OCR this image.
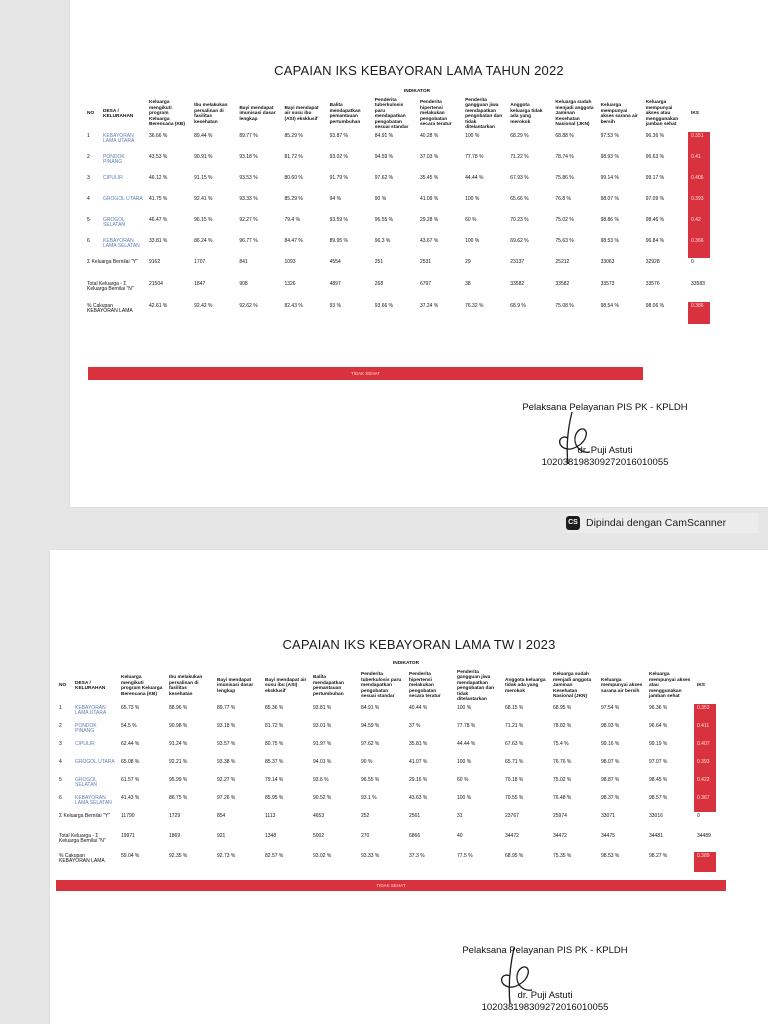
CAPAIAN IKS KEBAYORAN LAMA TAHUN 2022
		INDIKATOR												
NO	DESA / KELURAHAN	Keluarga mengikuti program Keluarga Berencana (KB)	Ibu melakukan persalinan di fasilitas kesehatan	Bayi mendapat imunisasi dasar lengkap	Bayi mendapat air susu ibu (ASI) eksklusif	Balita mendapatkan pemantauan pertumbuhan	Penderita tuberkulosis paru mendapatkan pengobatan sesuai standar	Penderita hipertensi melakukan pengobatan secara teratur	Penderita gangguan jiwa mendapatkan pengobatan dan tidak ditelantarkan	Anggota keluarga tidak ada yang merokok	Keluarga sudah menjadi anggota Jaminan Kesehatan Nasional (JKN)	Keluarga mempunyai akses sarana air bersih	Keluarga mempunyai akses atau menggunakan jamban sehat	IKS
1	KEBAYORAN LAMA UTARA	36.66 %	89.44 %	89.77 %	85.29 %	93.87 %	84.91 %	40.28 %	100 %	68.29 %	68.88 %	97.53 %	96.36 %	0.351
2	PONDOK PINANG	43.53 %	90.91 %	93.18 %	81.72 %	93.02 %	94.59 %	37.03 %	77.78 %	71.22 %	78.74 %	98.93 %	96.63 %	0.41
3	CIPULIR	46.12 %	91.15 %	93.53 %	80.60 %	91.79 %	97.62 %	35.45 %	44.44 %	67.93 %	75.86 %	99.14 %	99.17 %	0.406
4	GROGOL UTARA	41.75 %	92.41 %	93.33 %	85.29 %	94 %	90 %	41.09 %	100 %	65.66 %	76.8 %	98.07 %	97.09 %	0.393
5	GROGOL SELATAN	46.47 %	96.15 %	92.27 %	79.4 %	93.59 %	96.55 %	29.28 %	60 %	70.23 %	75.02 %	98.86 %	98.46 %	0.42
6	KEBAYORAN LAMA SELATAN	33.81 %	86.24 %	96.77 %	84.47 %	89.95 %	96.3 %	43.67 %	100 %	69.62 %	75.63 %	98.53 %	96.84 %	0.366
Σ Keluarga Bernilai "Y"		9162	1707	841	1093	4554	251	2531	29	23137	25212	33063	32928	0
Total Keluarga - Σ Keluarga Bernilai "N"		21504	1847	908	1326	4897	268	6797	38	33582	33582	33573	33576	33583
% Cakupan KEBAYORAN LAMA		42.61 %	92.42 %	92.62 %	82.43 %	93 %	93.66 %	37.24 %	76.32 %	68.9 %	75.08 %	98.54 %	98.06 %	0.386
TIDAK SEHAT
Pelaksana Pelayanan PIS PK - KPLDH
dr. Puji Astuti
102038198309272016010055
CS Dipindai dengan CamScanner
CAPAIAN IKS KEBAYORAN LAMA TW I 2023
		INDIKATOR												
NO	DESA / KELURAHAN	Keluarga mengikuti program Keluarga Berencana (KB)	Ibu melakukan persalinan di fasilitas kesehatan	Bayi mendapat imunisasi dasar lengkap	Bayi mendapat air susu ibu (ASI) eksklusif	Balita mendapatkan pemantauan pertumbuhan	Penderita tuberkulosis paru mendapatkan pengobatan sesuai standar	Penderita hipertensi melakukan pengobatan secara teratur	Penderita gangguan jiwa mendapatkan pengobatan dan tidak ditelantarkan	Anggota keluarga tidak ada yang merokok	Keluarga sudah menjadi anggota Jaminan Kesehatan Nasional (JKN)	Keluarga mempunyai akses sarana air bersih	Keluarga mempunyai akses atau menggunakan jamban sehat	IKS
1	KEBAYORAN LAMA UTARA	65.73 %	88.96 %	89.77 %	85.36 %	93.81 %	84.91 %	40.44 %	100 %	68.15 %	68.95 %	97.54 %	96.36 %	0.353
2	PONDOK PINANG	54.5 %	90.98 %	93.18 %	81.72 %	93.01 %	94.59 %	37 %	77.78 %	71.21 %	78.82 %	98.93 %	96.64 %	0.411
3	CIPULIR	62.44 %	91.24 %	93.57 %	80.75 %	91.97 %	97.62 %	35.81 %	44.44 %	67.63 %	75.4 %	99.16 %	99.19 %	0.407
4	GROGOL UTARA	65.08 %	92.21 %	93.38 %	85.37 %	94.01 %	90 %	41.07 %	100 %	65.71 %	76.76 %	98.07 %	97.07 %	0.393
5	GROGOL SELATAN	61.57 %	95.99 %	92.27 %	79.14 %	93.6 %	96.55 %	29.16 %	60 %	70.18 %	75.02 %	98.87 %	98.45 %	0.422
6	KEBAYORAN LAMA SELATAN	41.43 %	86.75 %	97.26 %	85.95 %	90.52 %	93.1 %	43.63 %	100 %	70.55 %	76.48 %	98.37 %	98.57 %	0.367
Σ Keluarga Bernilai "Y"		11790	1729	854	1113	4653	252	2561	31	23767	25974	33071	33016	0
Total Keluarga - Σ Keluarga Bernilai "N"		19971	1869	921	1348	5002	270	6866	40	34472	34472	34475	34481	34489
% Cakupan KEBAYORAN LAMA		59.04 %	92.35 %	92.73 %	82.57 %	93.02 %	93.33 %	37.3 %	77.5 %	68.95 %	75.35 %	98.53 %	98.27 %	0.389
TIDAK SEHAT
Pelaksana Pelayanan PIS PK - KPLDH
dr. Puji Astuti
102038198309272016010055
